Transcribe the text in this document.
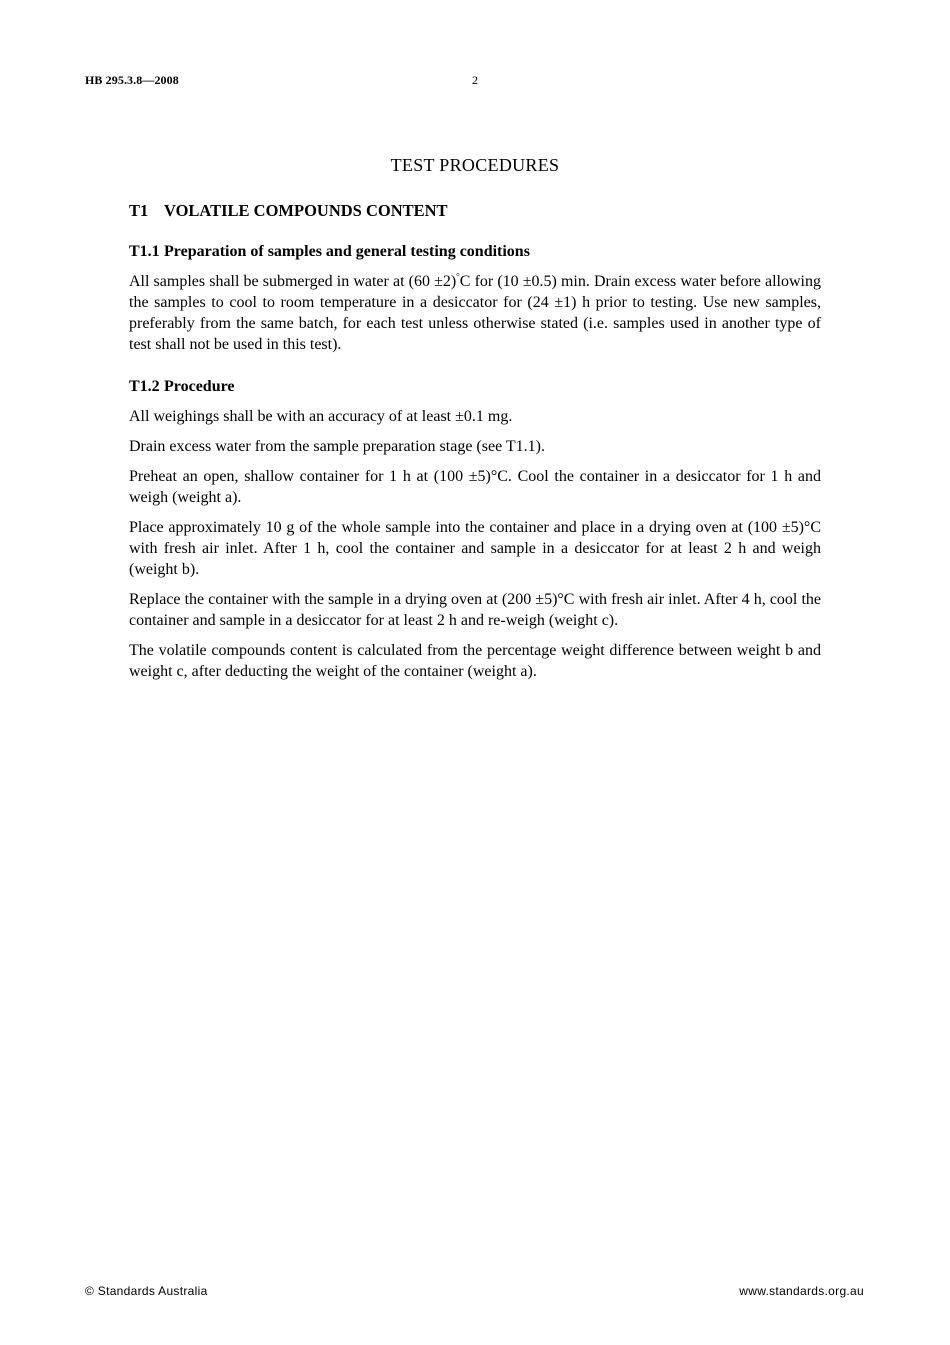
HB 295.3.8—2008	2
TEST PROCEDURES
T1 VOLATILE COMPOUNDS CONTENT
T1.1 Preparation of samples and general testing conditions

All samples shall be submerged in water at (60 ±2)°C for (10 ±0.5) min. Drain excess water before allowing the samples to cool to room temperature in a desiccator for (24 ±1) h prior to testing. Use new samples, preferably from the same batch, for each test unless otherwise stated (i.e. samples used in another type of test shall not be used in this test).

T1.2 Procedure

All weighings shall be with an accuracy of at least ±0.1 mg.

Drain excess water from the sample preparation stage (see T1.1).

Preheat an open, shallow container for 1 h at (100 ±5)°C. Cool the container in a desiccator for 1 h and weigh (weight a).

Place approximately 10 g of the whole sample into the container and place in a drying oven at (100 ±5)°C with fresh air inlet. After 1 h, cool the container and sample in a desiccator for at least 2 h and weigh (weight b).

Replace the container with the sample in a drying oven at (200 ±5)°C with fresh air inlet. After 4 h, cool the container and sample in a desiccator for at least 2 h and re-weigh (weight c).

The volatile compounds content is calculated from the percentage weight difference between weight b and weight c, after deducting the weight of the container (weight a).

© Standards Australia	www.standards.org.au
